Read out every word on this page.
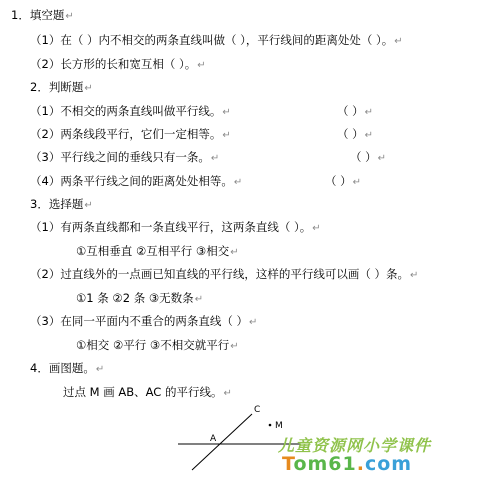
1．填空题↵
（1）在（ ）内不相交的两条直线叫做（ ），平行线间的距离处处（ ）。↵
（2）长方形的长和宽互相（ ）。↵
2．判断题↵
（1）不相交的两条直线叫做平行线。↵	（ ）↵
（2）两条线段平行，它们一定相等。↵	（ ）↵
（3）平行线之间的垂线只有一条。↵	（ ）↵
（4）两条平行线之间的距离处处相等。↵	（ ）↵
3．选择题↵
（1）有两条直线都和一条直线平行，这两条直线（ ）。↵
①互相垂直 ②互相平行 ③相交↵
（2）过直线外的一点画已知直线的平行线，这样的平行线可以画（ ）条。↵
①1 条 ②2 条 ③无数条↵
（3）在同一平面内不重合的两条直线（ ）↵
①相交 ②平行 ③不相交就平行↵
4．画图题。↵
过点 M 画 AB、AC 的平行线。↵
C
M
A	儿童资源网小学课件
Tom61.com
